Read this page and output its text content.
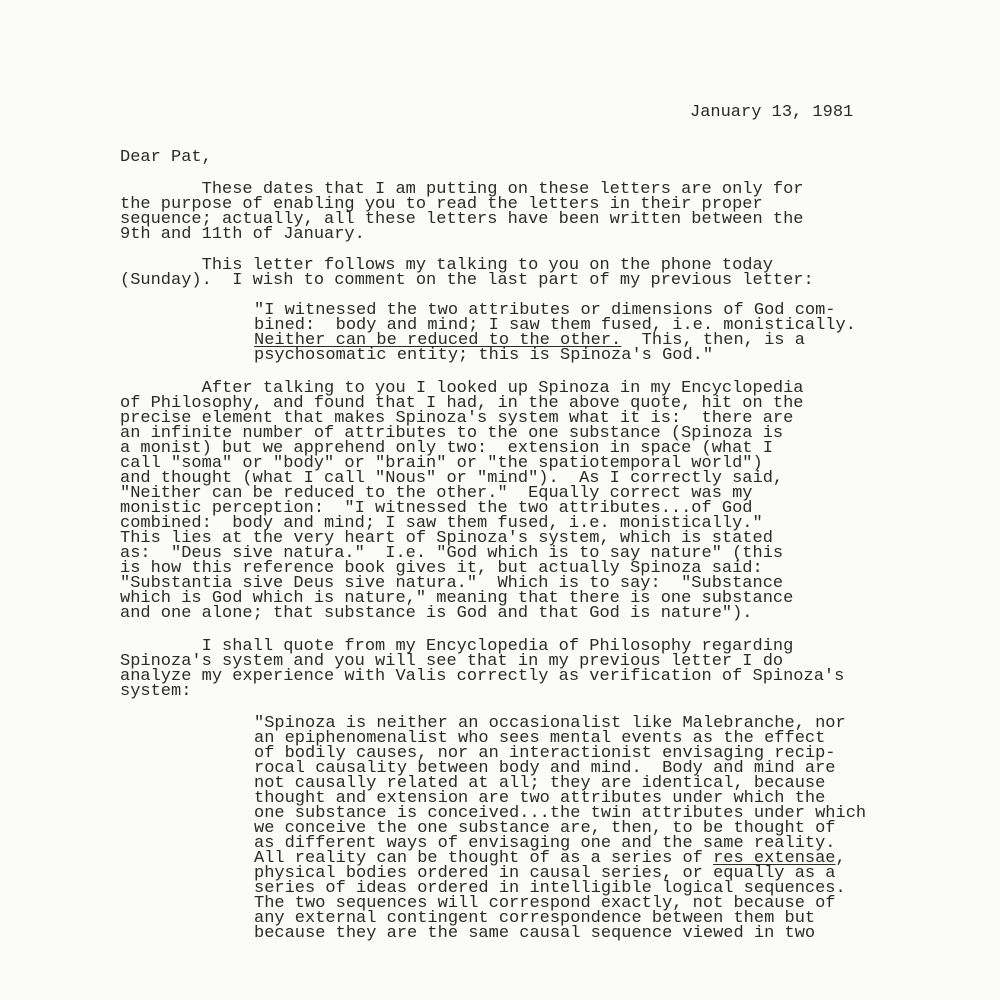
January 13, 1981
Dear Pat,
These dates that I am putting on these letters are only for
the purpose of enabling you to read the letters in their proper
sequence; actually, all these letters have been written between the
9th and 11th of January.
This letter follows my talking to you on the phone today
(Sunday).  I wish to comment on the last part of my previous letter:
"I witnessed the two attributes or dimensions of God com-
bined:  body and mind; I saw them fused, i.e. monistically.
Neither can be reduced to the other.  This, then, is a
psychosomatic entity; this is Spinoza's God."
After talking to you I looked up Spinoza in my Encyclopedia
of Philosophy, and found that I had, in the above quote, hit on the
precise element that makes Spinoza's system what it is:  there are
an infinite number of attributes to the one substance (Spinoza is
a monist) but we apprehend only two:  extension in space (what I
call "soma" or "body" or "brain" or "the spatiotemporal world")
and thought (what I call "Nous" or "mind").  As I correctly said,
"Neither can be reduced to the other."  Equally correct was my
monistic perception:  "I witnessed the two attributes...of God
combined:  body and mind; I saw them fused, i.e. monistically."
This lies at the very heart of Spinoza's system, which is stated
as:  "Deus sive natura."  I.e. "God which is to say nature" (this
is how this reference book gives it, but actually Spinoza said:
"Substantia sive Deus sive natura."  Which is to say:  "Substance
which is God which is nature," meaning that there is one substance
and one alone; that substance is God and that God is nature").
I shall quote from my Encyclopedia of Philosophy regarding
Spinoza's system and you will see that in my previous letter I do
analyze my experience with Valis correctly as verification of Spinoza's
system:
"Spinoza is neither an occasionalist like Malebranche, nor
an epiphenomenalist who sees mental events as the effect
of bodily causes, nor an interactionist envisaging recip-
rocal causality between body and mind.  Body and mind are
not causally related at all; they are identical, because
thought and extension are two attributes under which the
one substance is conceived...the twin attributes under which
we conceive the one substance are, then, to be thought of
as different ways of envisaging one and the same reality.
All reality can be thought of as a series of res extensae,
physical bodies ordered in causal series, or equally as a
series of ideas ordered in intelligible logical sequences.
The two sequences will correspond exactly, not because of
any external contingent correspondence between them but
because they are the same causal sequence viewed in two
